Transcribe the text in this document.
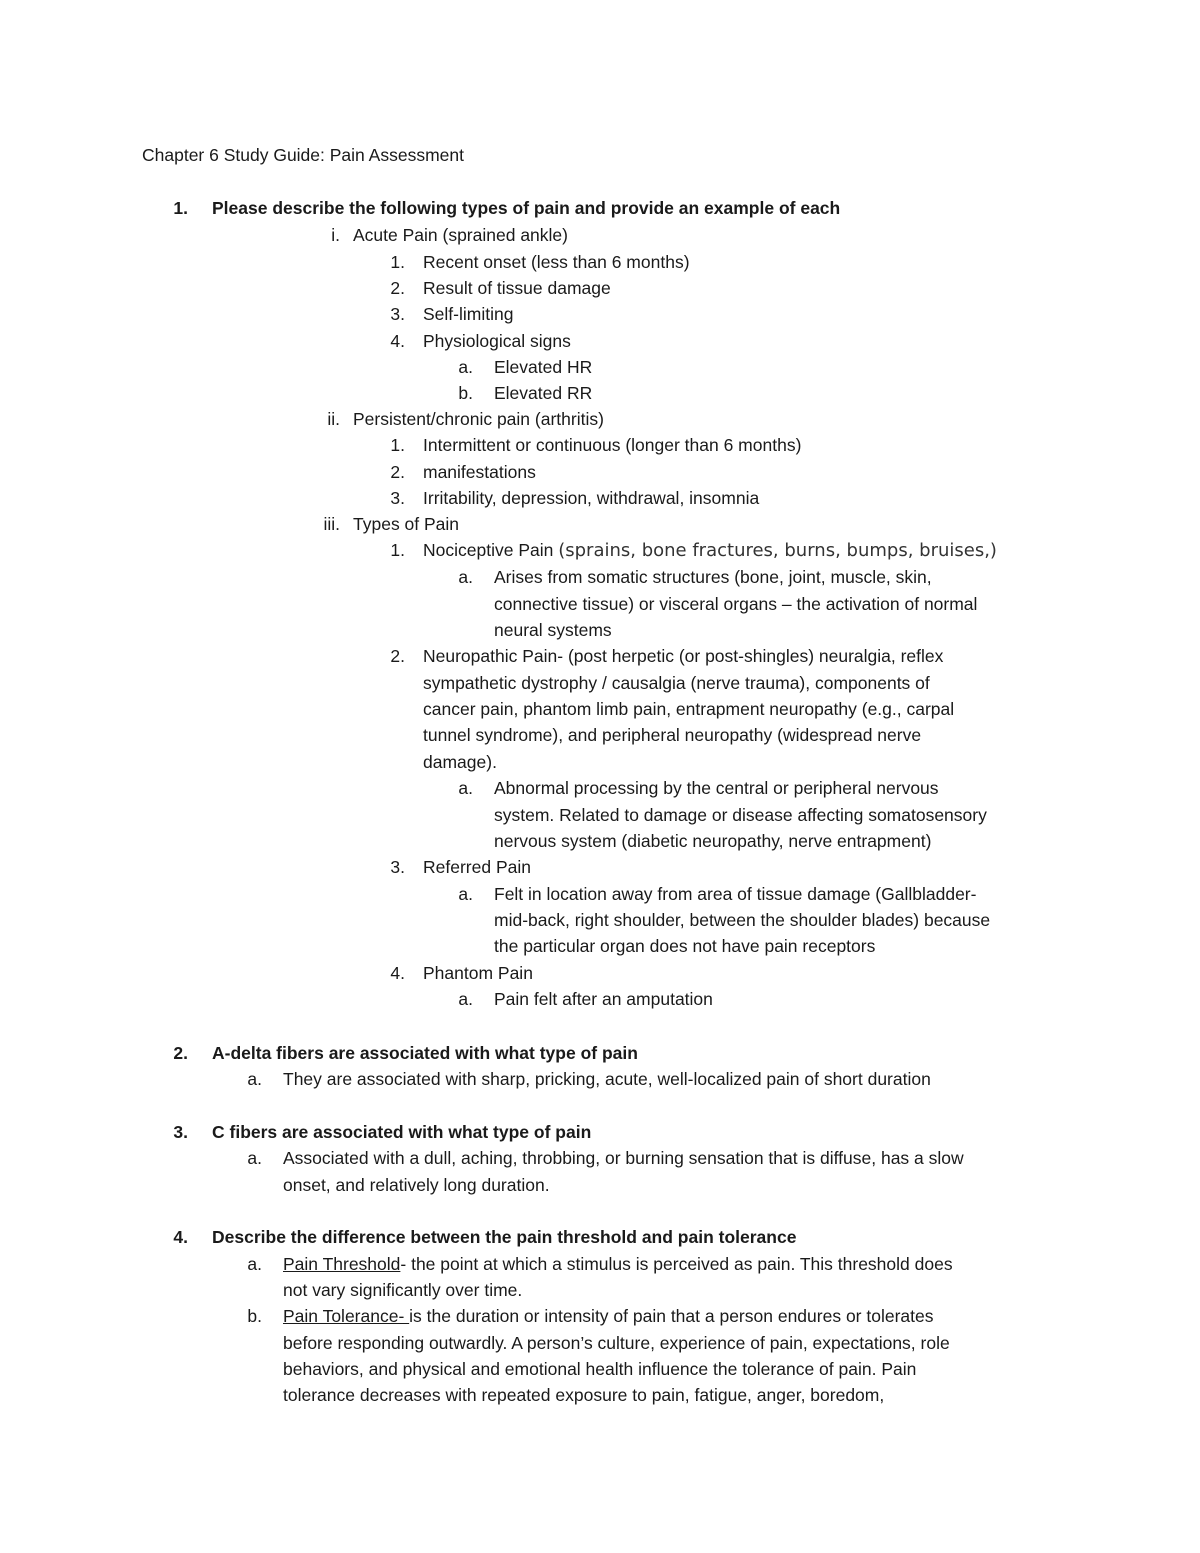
Chapter 6 Study Guide: Pain Assessment
1. Please describe the following types of pain and provide an example of each
i. Acute Pain (sprained ankle)
1. Recent onset (less than 6 months)
2. Result of tissue damage
3. Self-limiting
4. Physiological signs
a. Elevated HR
b. Elevated RR
ii. Persistent/chronic pain (arthritis)
1. Intermittent or continuous (longer than 6 months)
2. manifestations
3. Irritability, depression, withdrawal, insomnia
iii. Types of Pain
1. Nociceptive Pain (sprains, bone fractures, burns, bumps, bruises,)
a. Arises from somatic structures (bone, joint, muscle, skin,
connective tissue) or visceral organs – the activation of normal
neural systems
2. Neuropathic Pain- (post herpetic (or post-shingles) neuralgia, reflex
sympathetic dystrophy / causalgia (nerve trauma), components of
cancer pain, phantom limb pain, entrapment neuropathy (e.g., carpal
tunnel syndrome), and peripheral neuropathy (widespread nerve
damage).
a. Abnormal processing by the central or peripheral nervous
system. Related to damage or disease affecting somatosensory
nervous system (diabetic neuropathy, nerve entrapment)
3. Referred Pain
a. Felt in location away from area of tissue damage (Gallbladder-
mid-back, right shoulder, between the shoulder blades) because
the particular organ does not have pain receptors
4. Phantom Pain
a. Pain felt after an amputation
2. A-delta fibers are associated with what type of pain
a. They are associated with sharp, pricking, acute, well-localized pain of short duration
3. C fibers are associated with what type of pain
a. Associated with a dull, aching, throbbing, or burning sensation that is diffuse, has a slow
onset, and relatively long duration.
4. Describe the difference between the pain threshold and pain tolerance
a. Pain Threshold- the point at which a stimulus is perceived as pain. This threshold does
not vary significantly over time.
b. Pain Tolerance- is the duration or intensity of pain that a person endures or tolerates
before responding outwardly. A person’s culture, experience of pain, expectations, role
behaviors, and physical and emotional health influence the tolerance of pain. Pain
tolerance decreases with repeated exposure to pain, fatigue, anger, boredom,
